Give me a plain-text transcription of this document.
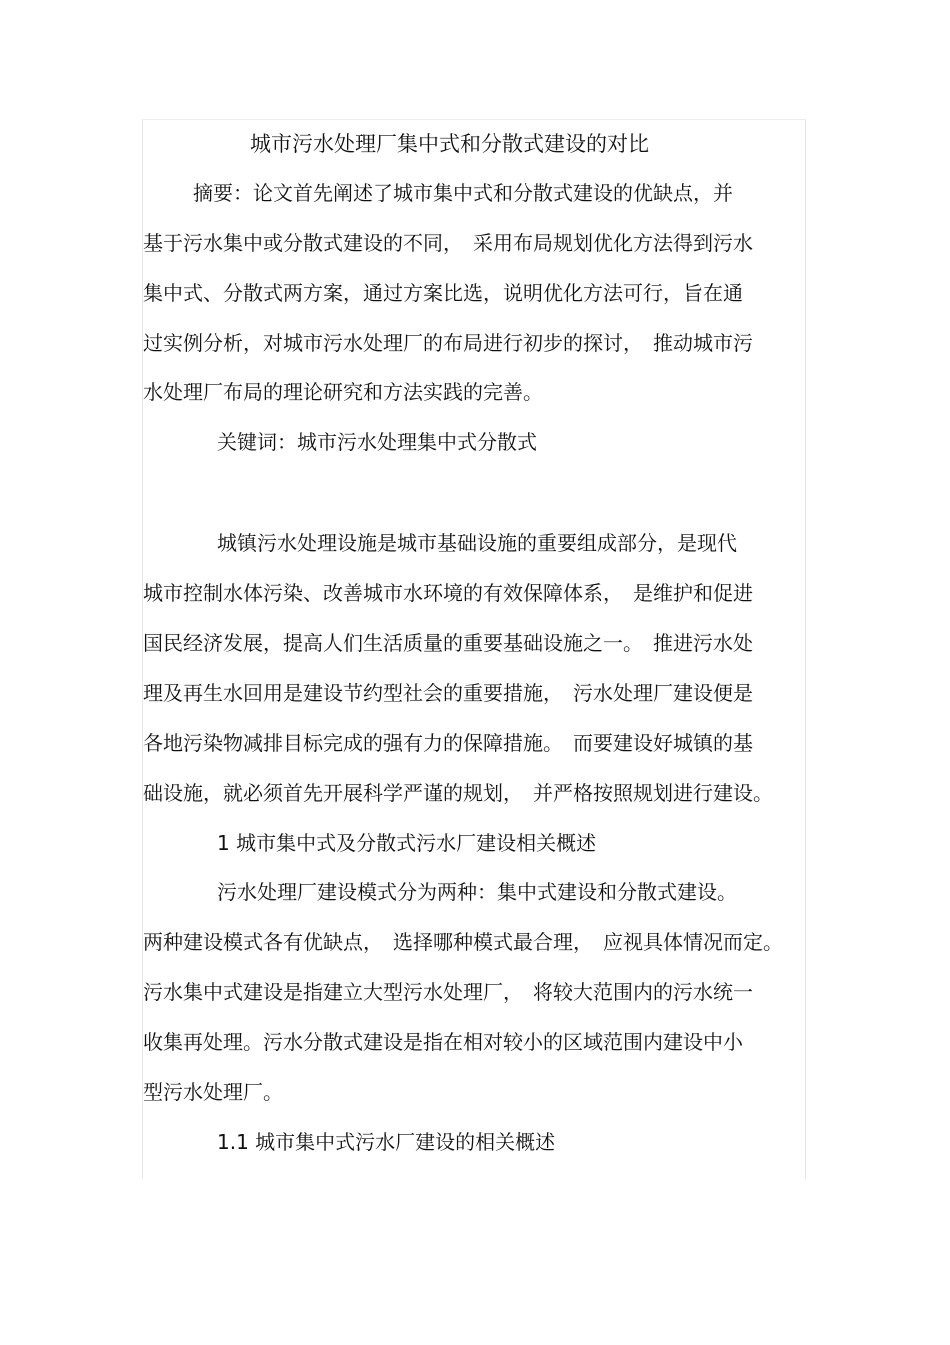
城市污水处理厂集中式和分散式建设的对比
摘要：论文首先阐述了城市集中式和分散式建设的优缺点，并
基于污水集中或分散式建设的不同，　采用布局规划优化方法得到污水
集中式、分散式两方案，通过方案比选，说明优化方法可行，旨在通
过实例分析，对城市污水处理厂的布局进行初步的探讨，　推动城市污
水处理厂布局的理论研究和方法实践的完善。
关键词：城市污水处理集中式分散式
城镇污水处理设施是城市基础设施的重要组成部分，是现代
城市控制水体污染、改善城市水环境的有效保障体系，　是维护和促进
国民经济发展，提高人们生活质量的重要基础设施之一。　推进污水处
理及再生水回用是建设节约型社会的重要措施，　污水处理厂建设便是
各地污染物减排目标完成的强有力的保障措施。　而要建设好城镇的基
础设施，就必须首先开展科学严谨的规划，　并严格按照规划进行建设。
1 城市集中式及分散式污水厂建设相关概述
污水处理厂建设模式分为两种：集中式建设和分散式建设。
两种建设模式各有优缺点，　选择哪种模式最合理，　应视具体情况而定。
污水集中式建设是指建立大型污水处理厂，　将较大范围内的污水统一
收集再处理。污水分散式建设是指在相对较小的区域范围内建设中小
型污水处理厂。
1.1 城市集中式污水厂建设的相关概述
